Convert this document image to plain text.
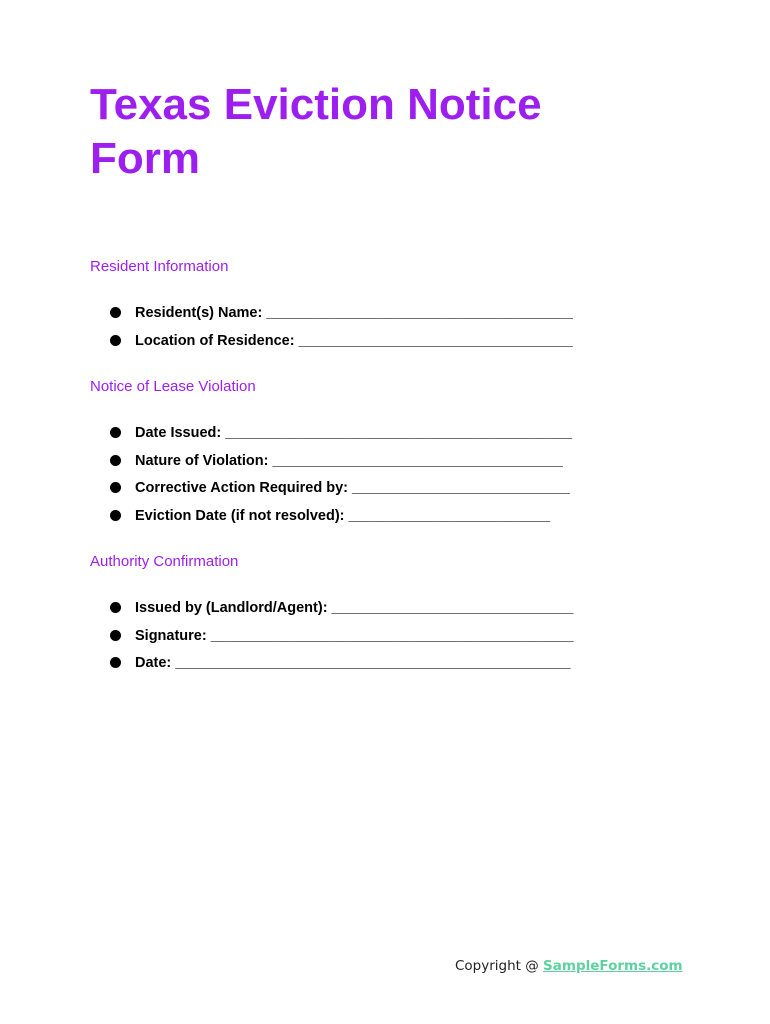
Texas Eviction Notice Form
Resident Information
Resident(s) Name: ______________________________________
Location of Residence: __________________________________
Notice of Lease Violation
Date Issued: ___________________________________________
Nature of Violation: ____________________________________
Corrective Action Required by: ___________________________
Eviction Date (if not resolved): _________________________
Authority Confirmation
Issued by (Landlord/Agent): ______________________________
Signature: _____________________________________________
Date: _________________________________________________
Copyright @ SampleForms.com
